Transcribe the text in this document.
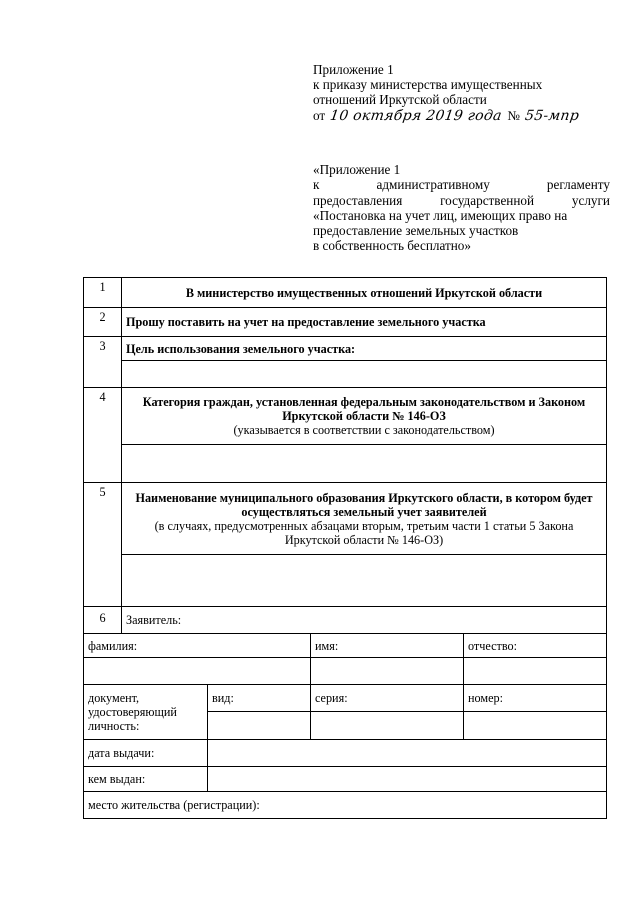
Приложение 1
к приказу министерства имущественных
отношений Иркутской области
от 10 октября 2019 года № 55-мпр
«Приложение 1
к административному регламенту
предоставления государственной услуги
«Постановка на учет лиц, имеющих право на
предоставление земельных участков
в собственность бесплатно»
1	В министерство имущественных отношений Иркутской области			
2	Прошу поставить на учет на предоставление земельного участка			
3	Цель использования земельного участка:			

4	Категория граждан, установленная федеральным законодательством и Законом Иркутской области № 146-ОЗ
(указывается в соответствии с законодательством)			

5	Наименование муниципального образования Иркутского области, в котором будет осуществляться земельный учет заявителей
(в случаях, предусмотренных абзацами вторым, третьим части 1 статьи 5 Закона Иркутской области № 146-ОЗ)			

6	Заявитель:			
фамилия:			имя:	отчество:

документ, удостоверяющий личность:		вид:	серия:	номер:

дата выдачи:				
кем выдан:				
место жительства (регистрации):				
